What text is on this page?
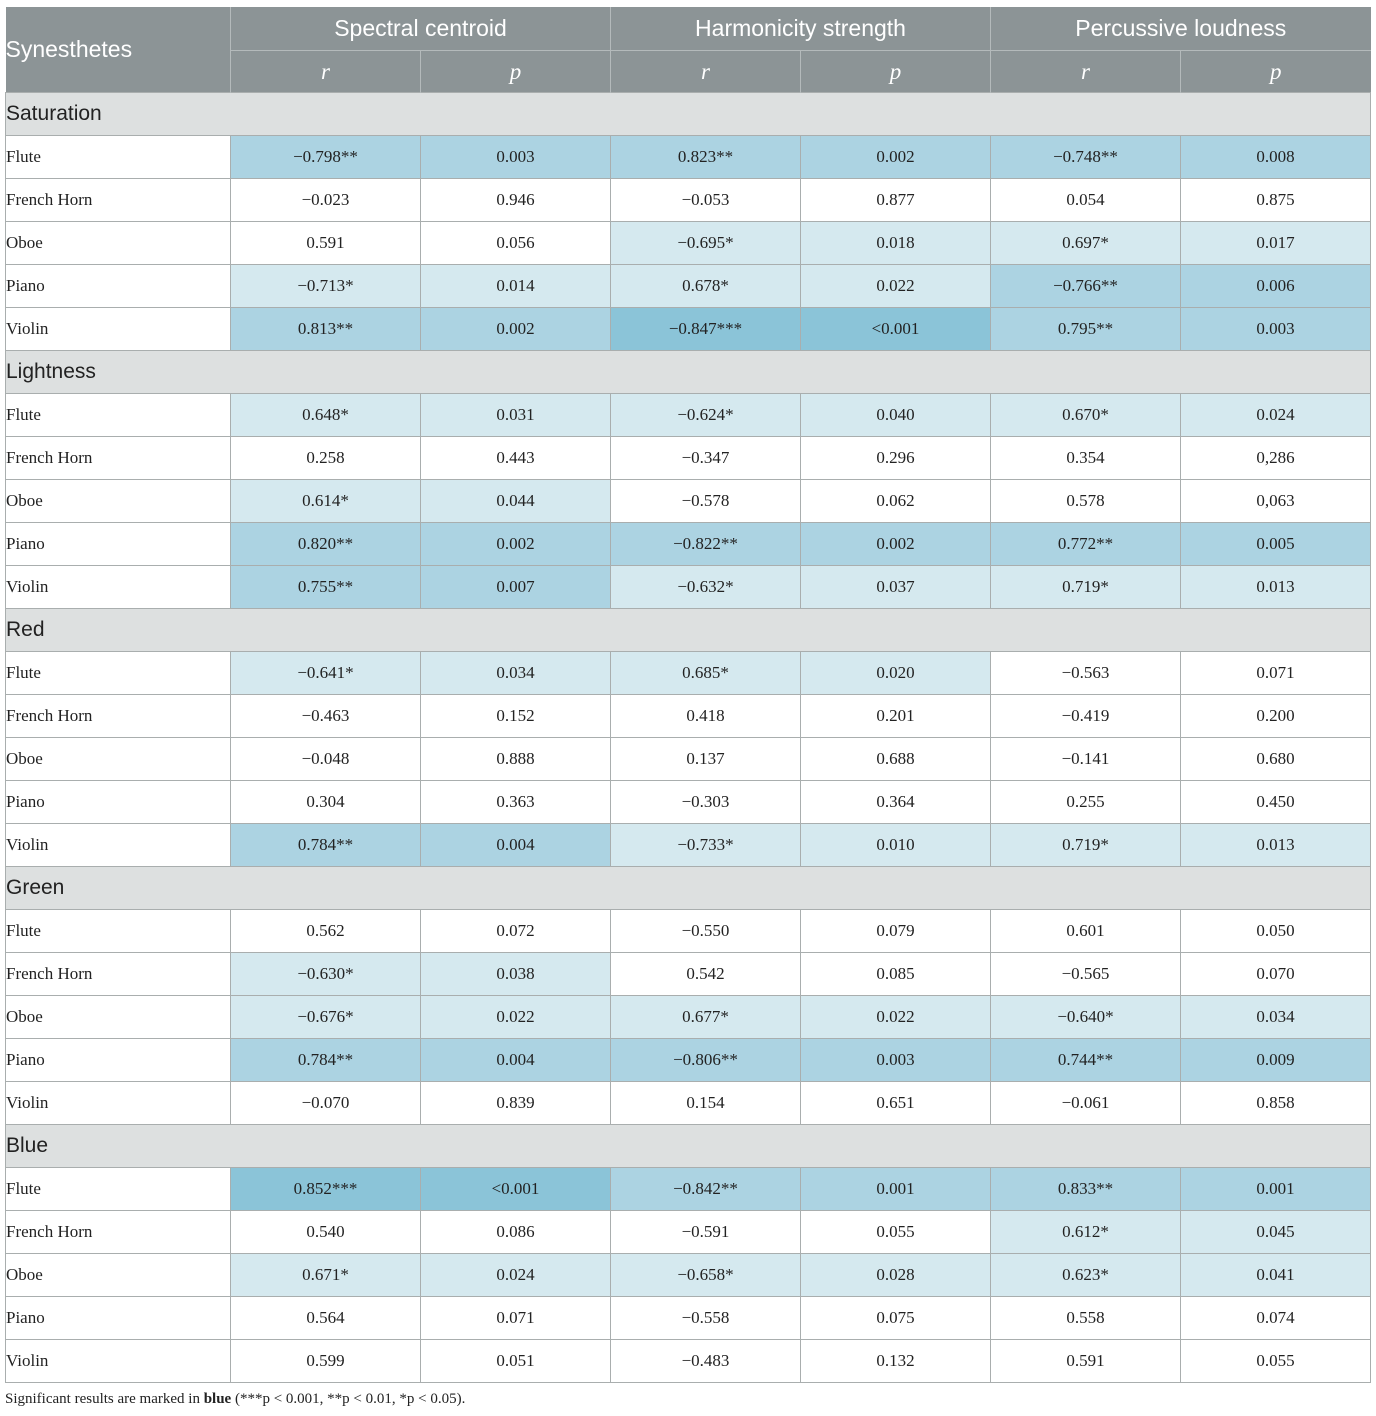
Synesthetes	Spectral centroid		Harmonicity strength		Percussive loudness	
	r	p	r	p	r	p
Saturation						
Flute	−0.798**	0.003	0.823**	0.002	−0.748**	0.008
French Horn	−0.023	0.946	−0.053	0.877	0.054	0.875
Oboe	0.591	0.056	−0.695*	0.018	0.697*	0.017
Piano	−0.713*	0.014	0.678*	0.022	−0.766**	0.006
Violin	0.813**	0.002	−0.847***	<0.001	0.795**	0.003
Lightness						
Flute	0.648*	0.031	−0.624*	0.040	0.670*	0.024
French Horn	0.258	0.443	−0.347	0.296	0.354	0,286
Oboe	0.614*	0.044	−0.578	0.062	0.578	0,063
Piano	0.820**	0.002	−0.822**	0.002	0.772**	0.005
Violin	0.755**	0.007	−0.632*	0.037	0.719*	0.013
Red						
Flute	−0.641*	0.034	0.685*	0.020	−0.563	0.071
French Horn	−0.463	0.152	0.418	0.201	−0.419	0.200
Oboe	−0.048	0.888	0.137	0.688	−0.141	0.680
Piano	0.304	0.363	−0.303	0.364	0.255	0.450
Violin	0.784**	0.004	−0.733*	0.010	0.719*	0.013
Green						
Flute	0.562	0.072	−0.550	0.079	0.601	0.050
French Horn	−0.630*	0.038	0.542	0.085	−0.565	0.070
Oboe	−0.676*	0.022	0.677*	0.022	−0.640*	0.034
Piano	0.784**	0.004	−0.806**	0.003	0.744**	0.009
Violin	−0.070	0.839	0.154	0.651	−0.061	0.858
Blue						
Flute	0.852***	<0.001	−0.842**	0.001	0.833**	0.001
French Horn	0.540	0.086	−0.591	0.055	0.612*	0.045
Oboe	0.671*	0.024	−0.658*	0.028	0.623*	0.041
Piano	0.564	0.071	−0.558	0.075	0.558	0.074
Violin	0.599	0.051	−0.483	0.132	0.591	0.055
Significant results are marked in blue (***p < 0.001, **p < 0.01, *p < 0.05).
